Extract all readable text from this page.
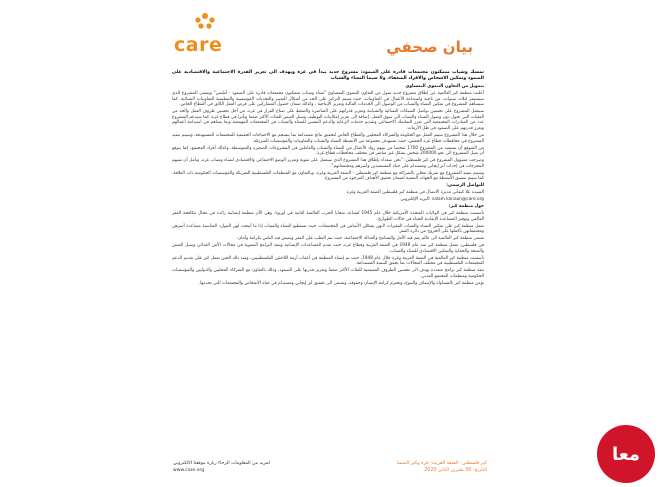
care	بيان صحفي
تمسك وشباب متمكنون مجتمعات قادرة على الصمود: مشروع جديد يبدأ في غزة ويهدف الى تعزيز القدرة الاجتماعية والاقتصادية على الصمود وتمكين الاشخاص والافراد الضعفاء، ولا سيما النساء والشباب

بتمويل من التعاون التنموي النمساوي

أعلنت منظمة كير العالمية عن إطلاق مشروع جديد تمول من التعاون التنموي النمساوي "نساء وشباب متمكنون مجتمعات قادرة على الصمود - أمليس" ويسعى المشروع الذي سيستمر لثلاث سنوات، من ناحية واستدامة الأعمال في التعاونيات، حيث سيتم التركيز على الحد من أشكال التمييز والتحديات المؤسسية والتنظيمية للتعاونيات النسائية. كما سيساهم المشروع في تمكين النساء والشباب من الوصول الى الخدمات المالية وتعزيز الإنتاجية ، وكذلك ضمان حصول المشاركين على فرص العمل اللائق في القطاع الخاص.

سيعمل المشروع على تحسين تواصل الشبكات النسائية والشبابية وتعزيز قدراتهم على المناصرة والضغط على صناع القرار في غزة، من أجل تحسين ظروف العمل والحد من العقبات التي تحول دون وصول النساء والشباب الى سوق العمل، إضافة الى تعزيز إمكانيات التوظيف وسبل العيش للفئات الأكثر ضعفا وتأثرا في قطاع غزة، كما سيدعم المشروع عدد من المبادرات المجتمعية التي تعزز التماسك الاجتماعي وتقديم خدمات الرعاية والدعم النفسي للنساء والشباب في المجتمعات المهمشة وبما يساهم في استدامة أعمالهم ويعزز قدرتهم على الصمود في ظل الأزمات.

من خلال هذا المشروع سيتم العمل مع الحكومة والشركاء المحليين والقطاع الخاص لتحقيق نتائج مستدامة بما ينسجم مع الاحتياجات الحقيقية للمجتمعات المستهدفة، وسيتم تنفيذ المشروع في محافظات قطاع غزة الخمس، حيث تستهدف مجموعة من الأنشطة النساء والشباب والتعاونيات والمؤسسات الشريكة.

من المتوقع أن يستفيد من المشروع 1700 شخصا من بينهم رواد الأعمال من النساء والشباب والعاملين في المشروعات الصغيرة والمتوسطة، وكذلك أفراد المجتمع، كما يتوقع أن يصل المشروع الى نحو 200000 شخص بشكل غير مباشر في مختلف محافظات قطاع غزة.

وصرحت مسؤول المشروع في كير فلسطين: "نحن سعداء بإطلاق هذا المشروع الذي سيعمل على تقوية وتعزيز الوضع الاجتماعي والاقتصادي لنساء وشباب غزة، ونأمل أن تسهم المخرجات في إحداث أثر إيجابي ومستدام على حياة المستفيدين وأسرهم ومجتمعاتهم".

وسيتم تنفيذ المشروع مع شريك محلي بالشراكة مع منظمة كير فلسطين - الضفة الغربية وغزة، وبالتعاون مع المنظمات الفلسطينية الشريكة والمؤسسات الحكومية ذات العلاقة، كما سيتم تنسيق الأنشطة مع الجهات المعنية لضمان تحقيق الأهداف المرجوة من المشروع.

للتواصل الرسمي:

السيدة علا كنفاني مديرة الاتصال في منظمة كير فلسطين الضفة الغربية وغزة

salam.kanaan@care.org :البريد الإلكتروني

حول منظمة كير:

تأسست منظمة كير في الولايات المتحدة الأمريكية خلال عام 1945 لتساعد ضحايا الحرب العالمية الثانية في أوروبا، وهي الآن منظمة إنسانية رائدة في مجال مكافحة الفقر العالمي وتوفير المساعدة الإنقاذية للحياة في حالات الطوارئ.

تعمل منظمة كير على تمكين النساء والفتيات الفقيرات لأنهن يشكلن الأساس في المجتمعات، حيث تستطيع النساء والفتيات إذا ما أتيحت لهن الموارد المناسبة مساعدة أسرهن ومجتمعاتهن بأكملها على الخروج من دائرة الفقر.

تسعى منظمة كير العالمية الى عالم يعم فيه الأمل والتسامح والعدالة الاجتماعية، حيث يتم التغلب على الفقر ويعيش فيه الناس بكرامة وأمان.

في فلسطين، تعمل منظمة كير منذ عام 1948 في الضفة الغربية وقطاع غزة، حيث تقدم المساعدات الإنسانية وتنفذ البرامج التنموية في مجالات الأمن الغذائي وسبل العيش والصحة والحماية والتمكين الاقتصادي للنساء والشباب.

تأسست منظمة كير العالمية في الضفة الغربية وغزة خلال عام 1948، حيث تم إنشاء المنظمة في أعقاب أزمة اللاجئين الفلسطينيين، ومنذ ذلك الحين تعمل كير على تقديم الدعم للمجتمعات الفلسطينية في مختلف المجالات بما يحقق التنمية المستدامة.

تنفذ منظمة كير برامج متعددة تهدف الى تحسين الظروف المعيشية للفئات الأكثر ضعفا وتعزيز قدرتها على الصمود، وذلك بالتعاون مع الشركاء المحليين والدوليين والمؤسسات الحكومية ومنظمات المجتمع المدني.

تؤمن منظمة كير بالمساواة والإنصاف والتنوع، وتحترم كرامة الإنسان وحقوقه، وتسعى الى تحقيق أثر إيجابي ومستدام في حياة الأشخاص والمجتمعات التي تخدمها.

كير فلسطين- الضفة الغربية- غزة وكير النمسا
التاريخ: 30 تشرين الثاني 2020
لمزيد من المعلومات الرجاء زيارة موقعنا الالكتروني
www.care.org
معا
